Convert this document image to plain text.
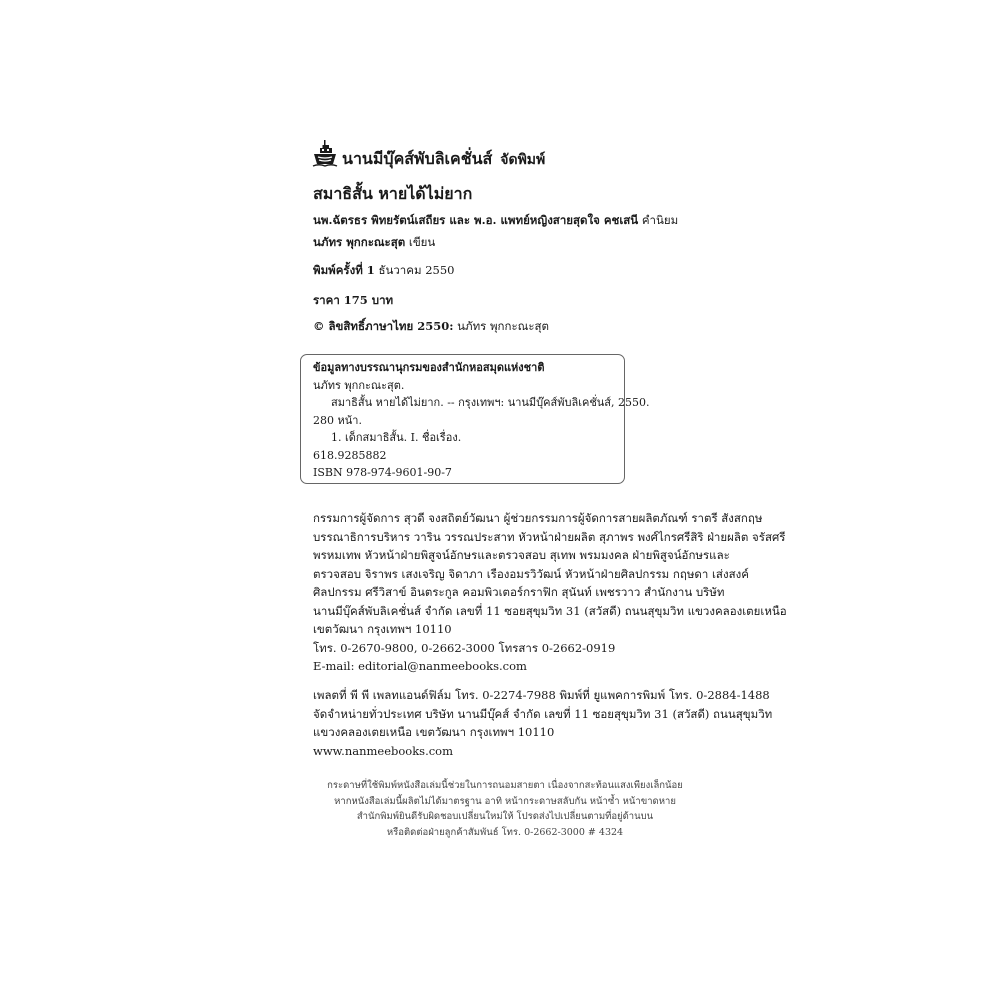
นานมีบุ๊คส์พับลิเคชั่นส์ จัดพิมพ์
สมาธิสั้น หายได้ไม่ยาก
นพ.ฉัตรธร พิทยรัตน์เสถียร และ พ.อ. แพทย์หญิงสายสุดใจ คชเสนี คำนิยม
นภัทร พุกกะณะสุต เขียน
พิมพ์ครั้งที่ 1 ธันวาคม 2550
ราคา 175 บาท
© ลิขสิทธิ์ภาษาไทย 2550: นภัทร พุกกะณะสุต
ข้อมูลทางบรรณานุกรมของสำนักหอสมุดแห่งชาติ
นภัทร พุกกะณะสุต.
สมาธิสั้น หายได้ไม่ยาก. -- กรุงเทพฯ: นานมีบุ๊คส์พับลิเคชั่นส์, 2550.
280 หน้า.
1. เด็กสมาธิสั้น. I. ชื่อเรื่อง.
618.9285882
ISBN 978-974-9601-90-7
กรรมการผู้จัดการ สุวดี จงสถิตย์วัฒนา ผู้ช่วยกรรมการผู้จัดการสายผลิตภัณฑ์ ราตรี สังสกฤษ
บรรณาธิการบริหาร วาริน วรรณประสาท หัวหน้าฝ่ายผลิต สุภาพร พงศ์ไกรศรีสิริ ฝ่ายผลิต จรัสศรี
พรหมเทพ หัวหน้าฝ่ายพิสูจน์อักษรและตรวจสอบ สุเทพ พรมมงคล ฝ่ายพิสูจน์อักษรและ
ตรวจสอบ จิราพร เสงเจริญ จิดาภา เรืองอมรวิวัฒน์ หัวหน้าฝ่ายศิลปกรรม กฤษดา เส่งสงค์
ศิลปกรรม ศรีวิสาข์ อินตระกูล คอมพิวเตอร์กราฟิก สุนันท์ เพชรวาว สำนักงาน บริษัท
นานมีบุ๊คส์พับลิเคชั่นส์ จำกัด เลขที่ 11 ซอยสุขุมวิท 31 (สวัสดี) ถนนสุขุมวิท แขวงคลองเตยเหนือ
เขตวัฒนา กรุงเทพฯ 10110
โทร. 0-2670-9800, 0-2662-3000 โทรสาร 0-2662-0919
E-mail: editorial@nanmeebooks.com
เพลตที่ พี พี เพลทแอนด์ฟิล์ม โทร. 0-2274-7988 พิมพ์ที่ ยูแพคการพิมพ์ โทร. 0-2884-1488
จัดจำหน่ายทั่วประเทศ บริษัท นานมีบุ๊คส์ จำกัด เลขที่ 11 ซอยสุขุมวิท 31 (สวัสดี) ถนนสุขุมวิท
แขวงคลองเตยเหนือ เขตวัฒนา กรุงเทพฯ 10110
www.nanmeebooks.com
กระดาษที่ใช้พิมพ์หนังสือเล่มนี้ช่วยในการถนอมสายตา เนื่องจากสะท้อนแสงเพียงเล็กน้อย
หากหนังสือเล่มนี้ผลิตไม่ได้มาตรฐาน อาทิ หน้ากระดาษสลับกัน หน้าซ้ำ หน้าขาดหาย
สำนักพิมพ์ยินดีรับผิดชอบเปลี่ยนใหม่ให้ โปรดส่งไปเปลี่ยนตามที่อยู่ด้านบน
หรือติดต่อฝ่ายลูกค้าสัมพันธ์ โทร. 0-2662-3000 # 4324
